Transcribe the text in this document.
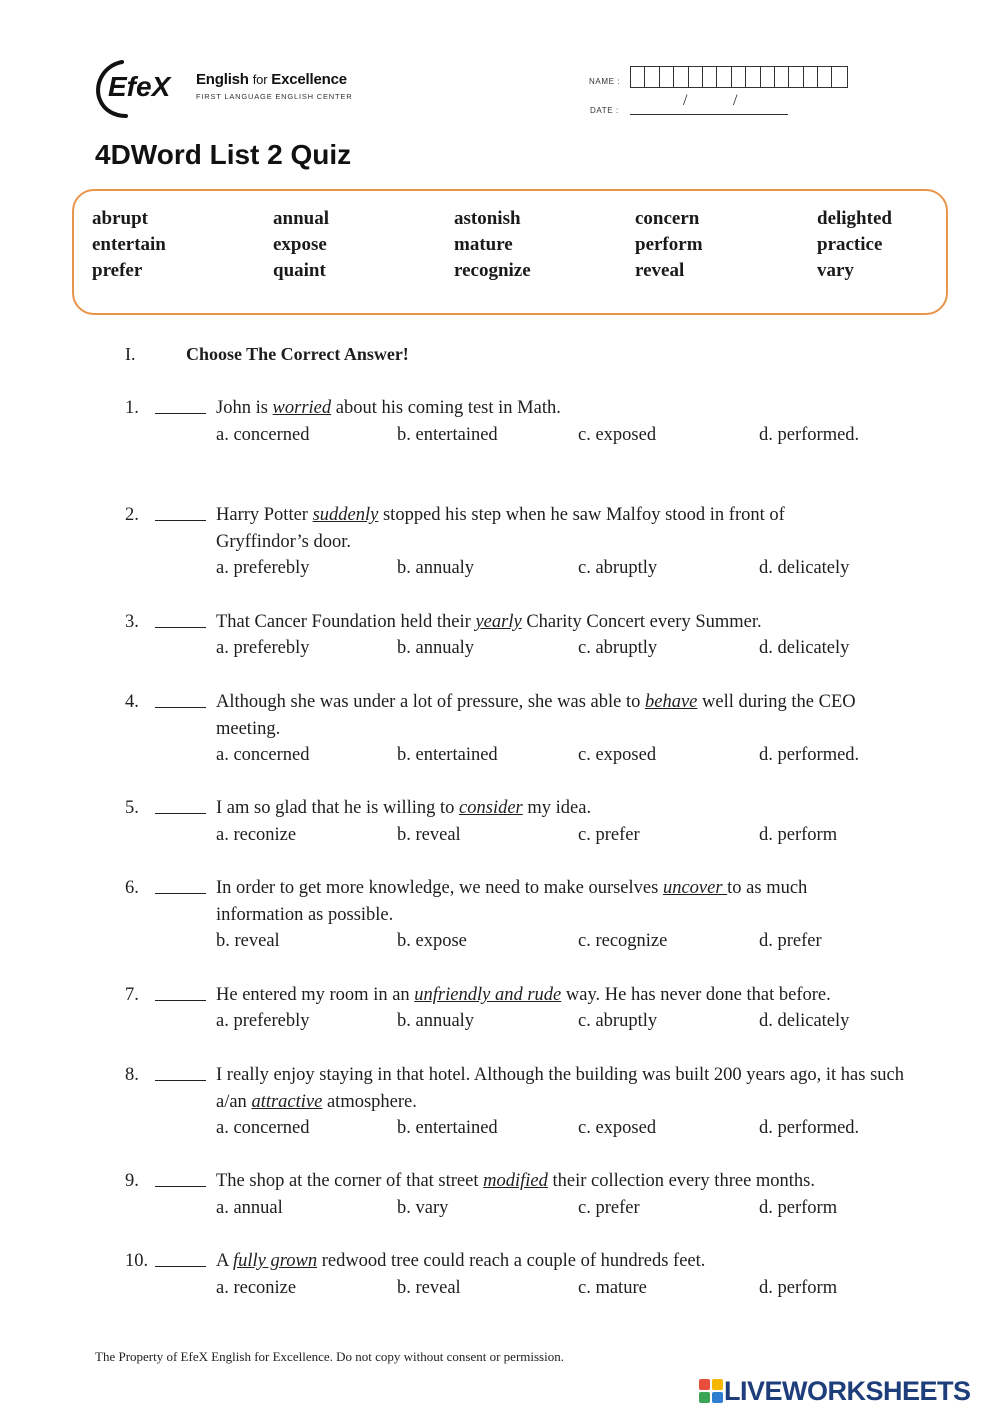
EfeX English for Excellence
FIRST LANGUAGE ENGLISH CENTER
NAME :
DATE :
/	/
4DWord List 2 Quiz
abrupt	annual	astonish	concern	delighted
entertain	expose	mature	perform	practice
prefer	quaint	recognize	reveal	vary
I.	Choose The Correct Answer!
1.	John is worried about his coming test in Math.
a. concerned	b. entertained	c. exposed	d. performed.
2.	Harry Potter suddenly stopped his step when he saw Malfoy stood in front of Gryffindor’s door.
a. preferebly	b. annualy	c. abruptly	d. delicately
3.	That Cancer Foundation held their yearly Charity Concert every Summer.
a. preferebly	b. annualy	c. abruptly	d. delicately
4.	Although she was under a lot of pressure, she was able to behave well during the CEO meeting.
a. concerned	b. entertained	c. exposed	d. performed.
5.	I am so glad that he is willing to consider my idea.
a. reconize	b. reveal	c. prefer	d. perform
6.	In order to get more knowledge, we need to make ourselves uncover to as much information as possible.
b. reveal	b. expose	c. recognize	d. prefer
7.	He entered my room in an unfriendly and rude way. He has never done that before.
a. preferebly	b. annualy	c. abruptly	d. delicately
8.	I really enjoy staying in that hotel. Although the building was built 200 years ago, it has such a/an attractive atmosphere.
a. concerned	b. entertained	c. exposed	d. performed.
9.	The shop at the corner of that street modified their collection every three months.
a. annual	b. vary	c. prefer	d. perform
10.	A fully grown redwood tree could reach a couple of hundreds feet.
a. reconize	b. reveal	c. mature	d. perform
The Property of EfeX English for Excellence. Do not copy without consent or permission.
LIVEWORKSHEETS
